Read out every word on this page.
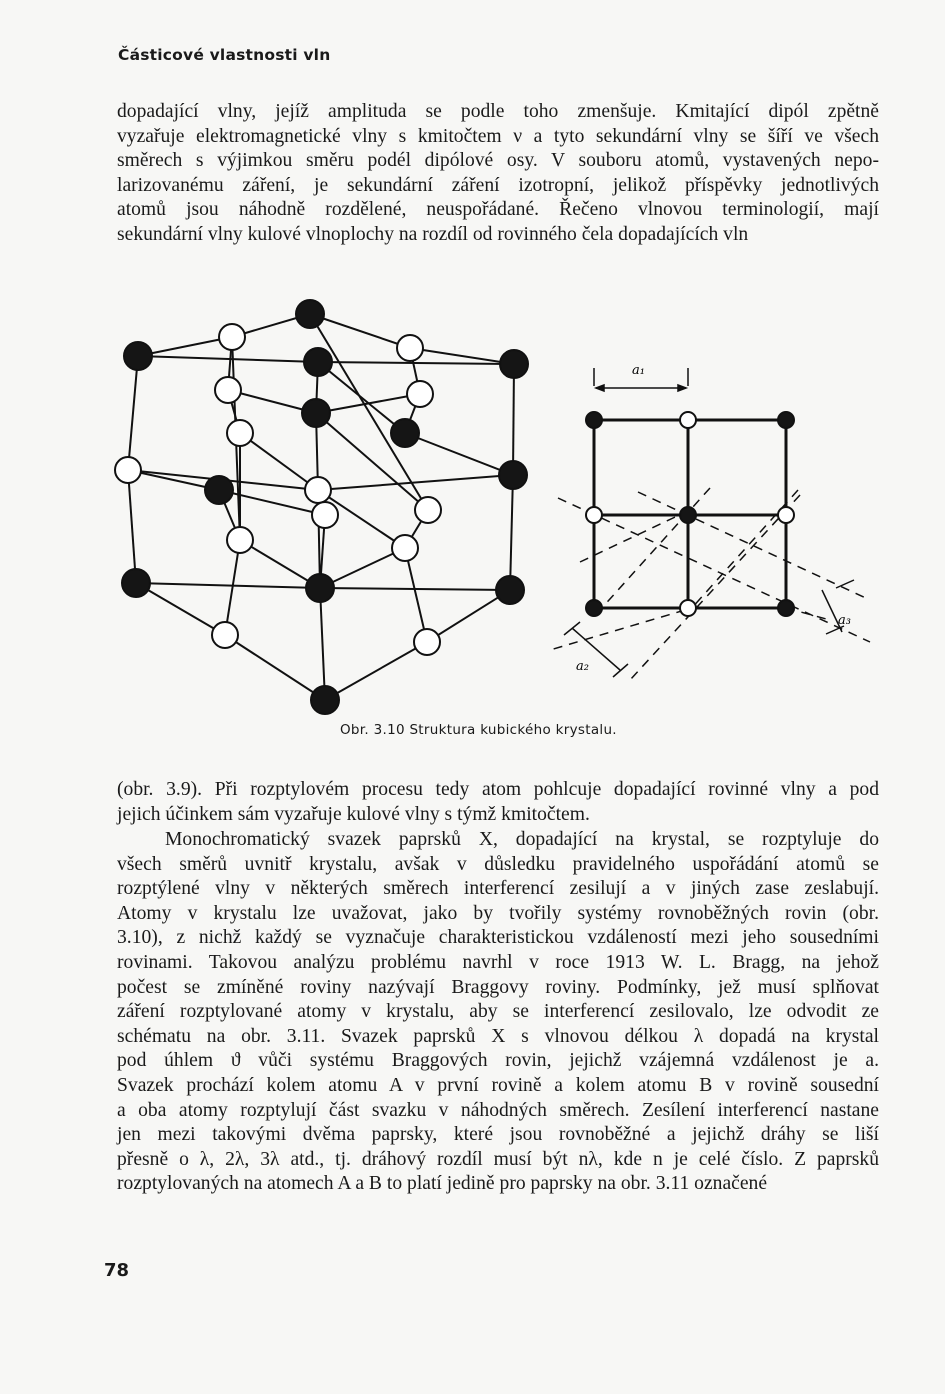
Částicové vlastnosti vln
dopadající vlny, jejíž amplituda se podle toho zmenšuje. Kmitající dipól zpětně
vyzařuje elektromagnetické vlny s kmitočtem ν a tyto sekundární vlny se šíří ve všech
směrech s výjimkou směru podél dipólové osy. V souboru atomů, vystavených nepo-
larizovanému záření, je sekundární záření izotropní, jelikož příspěvky jednotlivých
atomů jsou náhodně rozdělené, neuspořádané. Řečeno vlnovou terminologií, mají
sekundární vlny kulové vlnoplochy na rozdíl od rovinného čela dopadajících vln
a₁
a₂
a₃
Obr. 3.10 Struktura kubického krystalu.
(obr. 3.9). Při rozptylovém procesu tedy atom pohlcuje dopadající rovinné vlny a pod
jejich účinkem sám vyzařuje kulové vlny s týmž kmitočtem.
Monochromatický svazek paprsků X, dopadající na krystal, se rozptyluje do
všech směrů uvnitř krystalu, avšak v důsledku pravidelného uspořádání atomů se
rozptýlené vlny v některých směrech interferencí zesilují a v jiných zase zeslabují.
Atomy v krystalu lze uvažovat, jako by tvořily systémy rovnoběžných rovin (obr.
3.10), z nichž každý se vyznačuje charakteristickou vzdáleností mezi jeho sousedními
rovinami. Takovou analýzu problému navrhl v roce 1913 W. L. Bragg, na jehož
počest se zmíněné roviny nazývají Braggovy roviny. Podmínky, jež musí splňovat
záření rozptylované atomy v krystalu, aby se interferencí zesilovalo, lze odvodit ze
schématu na obr. 3.11. Svazek paprsků X s vlnovou délkou λ dopadá na krystal
pod úhlem ϑ vůči systému Braggových rovin, jejichž vzájemná vzdálenost je a.
Svazek prochází kolem atomu A v první rovině a kolem atomu B v rovině sousední
a oba atomy rozptylují část svazku v náhodných směrech. Zesílení interferencí nastane
jen mezi takovými dvěma paprsky, které jsou rovnoběžné a jejichž dráhy se liší
přesně o λ, 2λ, 3λ atd., tj. dráhový rozdíl musí být nλ, kde n je celé číslo. Z paprsků
rozptylovaných na atomech A a B to platí jedině pro paprsky na obr. 3.11 označené
78
